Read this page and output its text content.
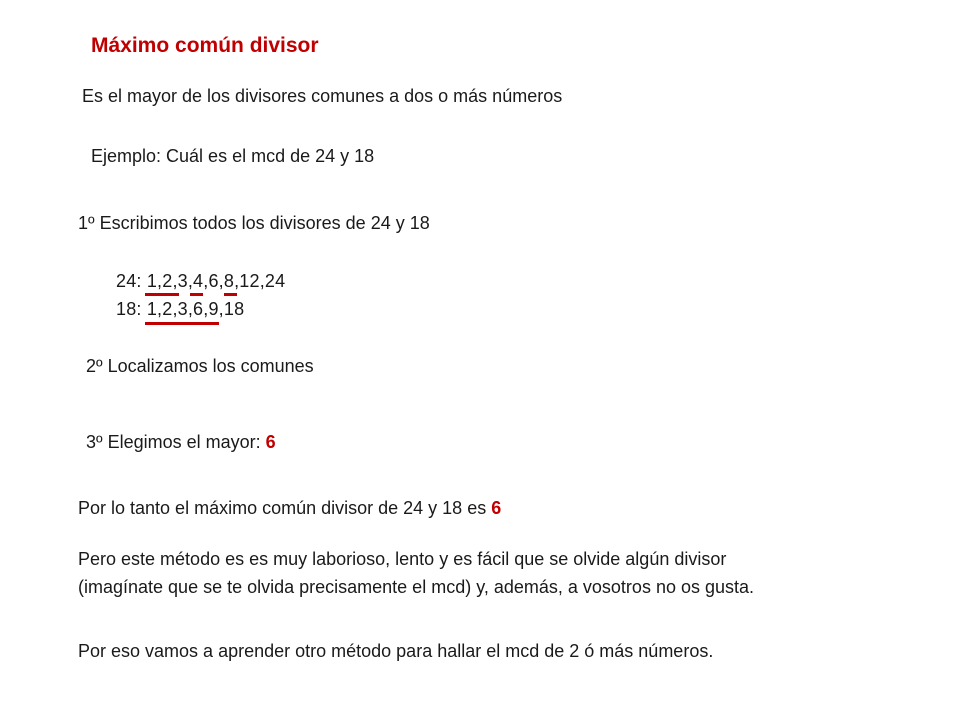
Máximo común divisor
Es el mayor de los divisores comunes a dos o más números
Ejemplo: Cuál es el mcd de 24 y 18
1º Escribimos todos los divisores de 24 y 18
24: 1,2,3,4,6,8,12,24
18: 1,2,3,6,9,18
2º Localizamos los comunes
3º Elegimos el mayor: 6
Por lo tanto el máximo común divisor de 24 y 18 es 6
Pero este método es es muy laborioso, lento y es fácil que se olvide algún divisor
(imagínate que se te olvida precisamente el mcd) y, además, a vosotros no os gusta.
Por eso vamos a aprender otro método para hallar el mcd de 2 ó más números.
